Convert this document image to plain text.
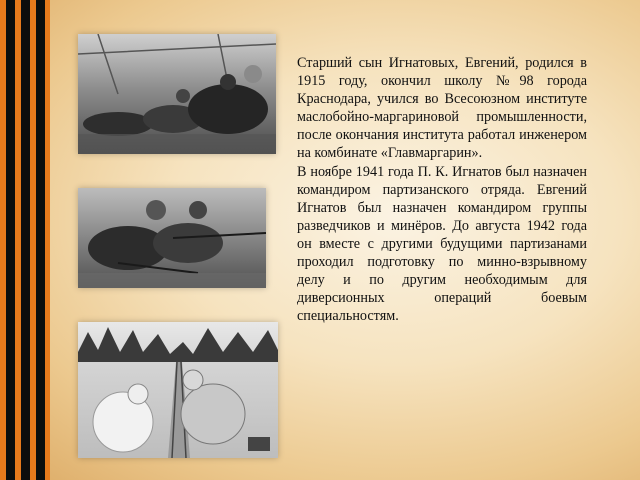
Старший сын Игнатовых, Евгений, родился в 1915 году, окончил школу №98 города Краснодара, учился во Всесоюзном институте маслобойно-маргариновой промышленности, после окончания института работал инженером на комбинате «Главмаргарин».

В ноябре 1941 года П. К. Игнатов был назначен командиром партизанского отряда. Евгений Игнатов был назначен командиром группы разведчиков и минёров. До августа 1942 года он вместе с другими будущими партизанами проходил подготовку по минно-взрывному делу и по другим необходимым для диверсионных операций боевым специальностям.
